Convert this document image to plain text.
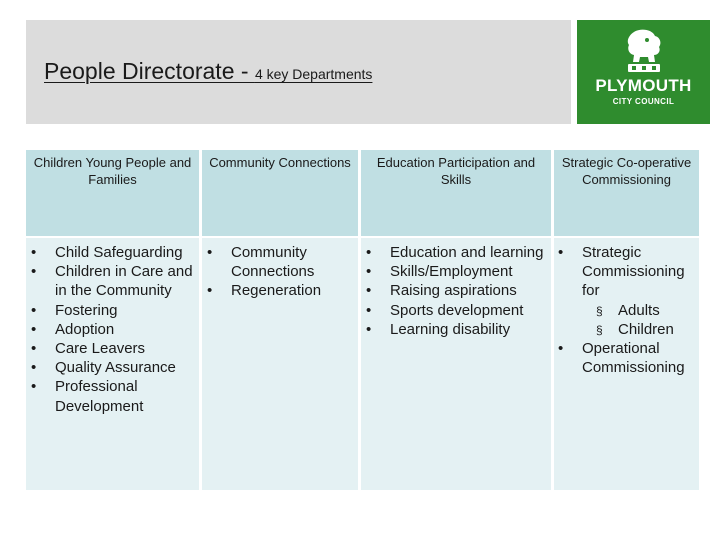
People Directorate - 4 key Departments
PLYMOUTH
CITY COUNCIL
Children Young People and Families
• Child Safeguarding
• Children in Care and in the Community
• Fostering
• Adoption
• Care Leavers
• Quality Assurance
• Professional Development
Community Connections
• Community Connections
• Regeneration
Education Participation and Skills
• Education and learning
• Skills/Employment
• Raising aspirations
• Sports development
• Learning disability
Strategic Co-operative Commissioning
• Strategic Commissioning for
§ Adults
§ Children
• Operational Commissioning
